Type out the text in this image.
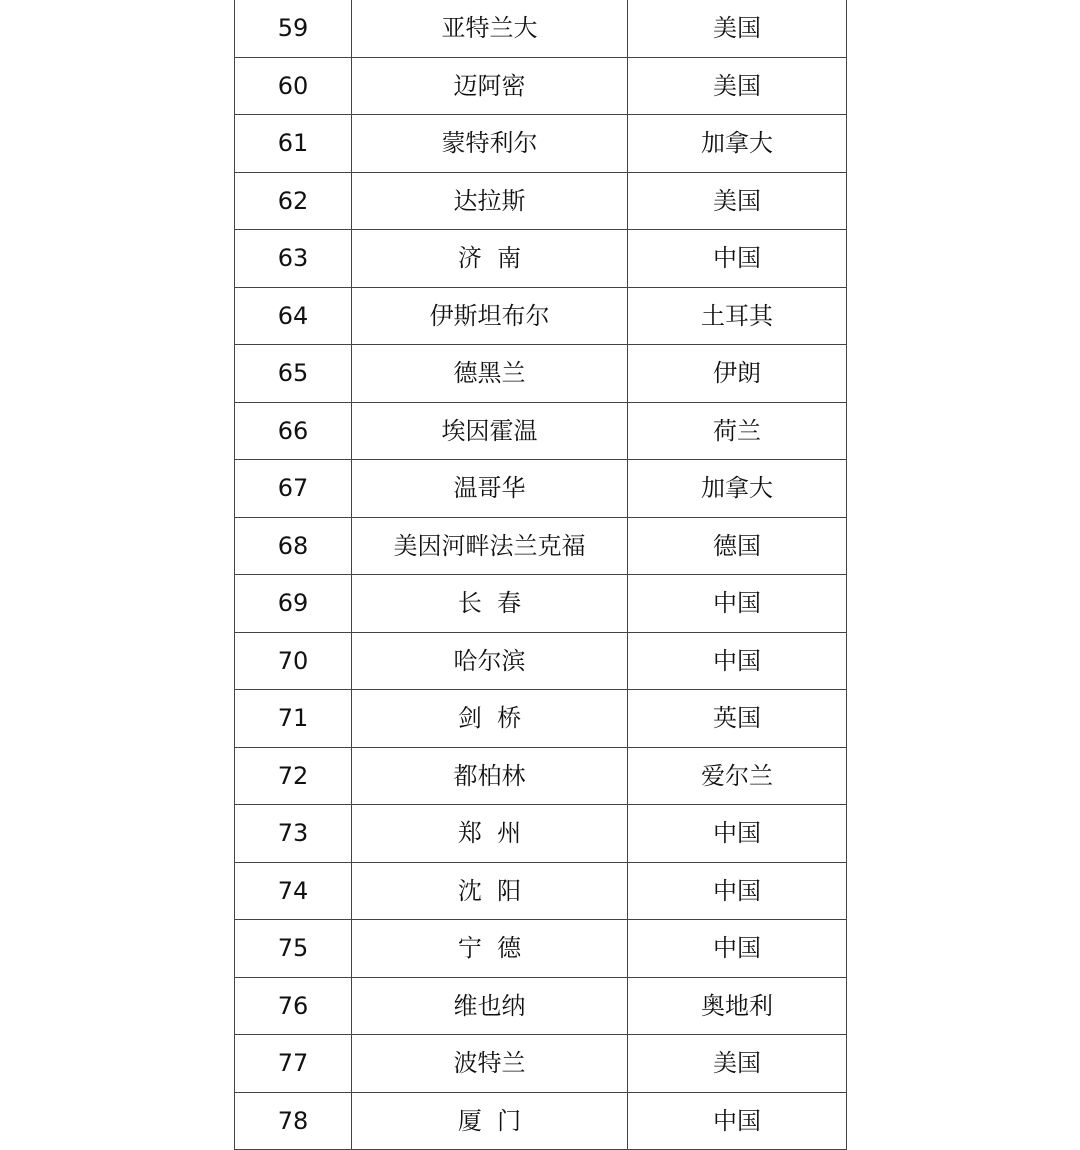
59	亚特兰大	美国
60	迈阿密	美国
61	蒙特利尔	加拿大
62	达拉斯	美国
63	济  南	中国
64	伊斯坦布尔	土耳其
65	德黑兰	伊朗
66	埃因霍温	荷兰
67	温哥华	加拿大
68	美因河畔法兰克福	德国
69	长  春	中国
70	哈尔滨	中国
71	剑  桥	英国
72	都柏林	爱尔兰
73	郑  州	中国
74	沈  阳	中国
75	宁  德	中国
76	维也纳	奥地利
77	波特兰	美国
78	厦  门	中国
